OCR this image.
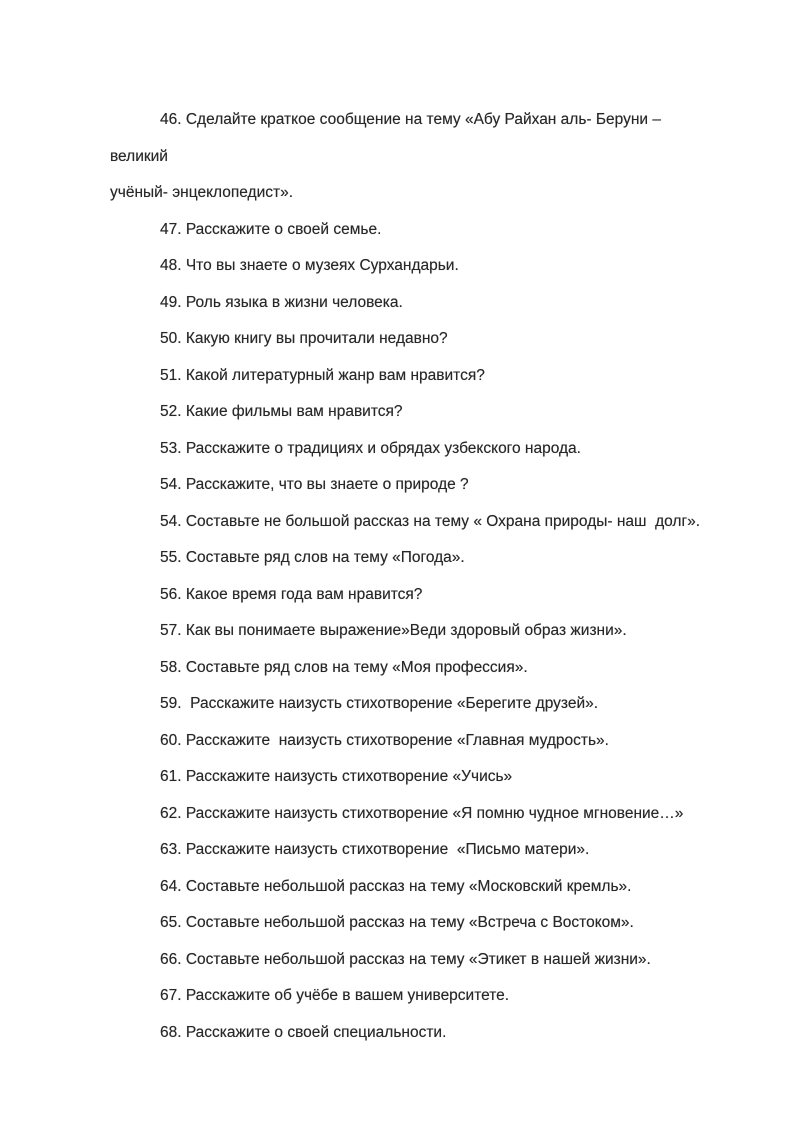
46. Сделайте краткое сообщение на тему «Абу Райхан аль- Беруни – великий
учёный- энцеклопедист».

47. Расскажите о своей семье.

48. Что вы знаете о музеях Сурхандарьи.

49. Роль языка в жизни человека.

50. Какую книгу вы прочитали недавно?

51. Какой литературный жанр вам нравится?

52. Какие фильмы вам нравится?

53. Расскажите о традициях и обрядах узбекского народа.

54. Расскажите, что вы знаете о природе ?

54. Составьте не большой рассказ на тему « Охрана природы- наш  долг».

55. Составьте ряд слов на тему «Погода».

56. Какое время года вам нравится?

57. Как вы понимаете выражение»Веди здоровый образ жизни».

58. Составьте ряд слов на тему «Моя профессия».

59.  Расскажите наизусть стихотворение «Берегите друзей».

60. Расскажите  наизусть стихотворение «Главная мудрость».

61. Расскажите наизусть стихотворение «Учись»

62. Расскажите наизусть стихотворение «Я помню чудное мгновение…»

63. Расскажите наизусть стихотворение  «Письмо матери».

64. Составьте небольшой рассказ на тему «Московский кремль».

65. Составьте небольшой рассказ на тему «Встреча с Востоком».

66. Составьте небольшой рассказ на тему «Этикет в нашей жизни».

67. Расскажите об учёбе в вашем университете.

68. Расскажите о своей специальности.
